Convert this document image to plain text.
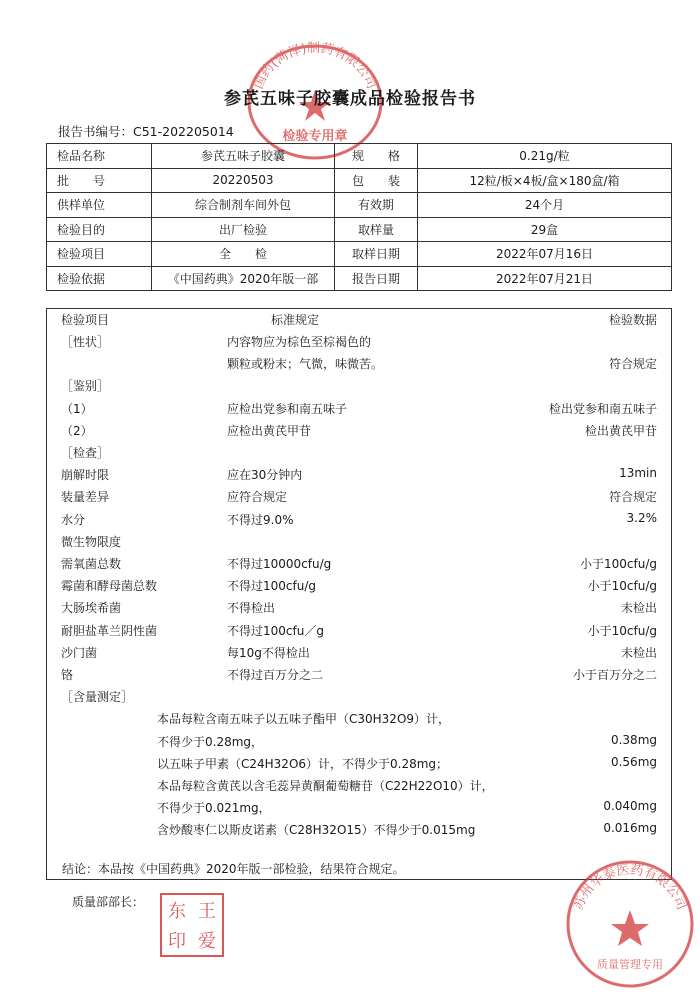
国药(菏泽)制药有限公司
检验专用章
参芪五味子胶囊成品检验报告书
报告书编号：C51-202205014
检品名称	参芪五味子胶囊	规　　格	0.21g/粒
批　　号	20220503	包　　装	12粒/板×4板/盒×180盒/箱
供样单位	综合制剂车间外包	有效期	24个月
检验目的	出厂检验	取样量	29盒
检验项目	全　　检	取样日期	2022年07月16日
检验依据	《中国药典》2020年版一部	报告日期	2022年07月21日
检验项目	标准规定	检验数据
［性状］	内容物应为棕色至棕褐色的
颗粒或粉末；气微，味微苦。	符合规定
［鉴别］
（1）	应检出党参和南五味子	检出党参和南五味子
（2）	应检出黄芪甲苷	检出黄芪甲苷
［检查］
崩解时限	应在30分钟内	13min
装量差异	应符合规定	符合规定
水分	不得过9.0%	3.2%
微生物限度
需氧菌总数	不得过10000cfu/g	小于100cfu/g
霉菌和酵母菌总数	不得过100cfu/g	小于10cfu/g
大肠埃希菌	不得检出	未检出
耐胆盐革兰阴性菌	不得过100cfu／g	小于10cfu/g
沙门菌	每10g不得检出	未检出
铬	不得过百万分之二	小于百万分之二
［含量测定］
本品每粒含南五味子以五味子酯甲（C30H32O9）计，
不得少于0.28mg，	0.38mg
以五味子甲素（C24H32O6）计，不得少于0.28mg；	0.56mg
本品每粒含黄芪以含毛蕊异黄酮葡萄糖苷（C22H22O10）计，
不得少于0.021mg，	0.040mg
含炒酸枣仁以斯皮诺素（C28H32O15）不得少于0.015mg	0.016mg
结论：本品按《中国药典》2020年版一部检验，结果符合规定。
质量部部长： 东 王
印 爱
苏州华泰医药有限公司
质量管理专用
